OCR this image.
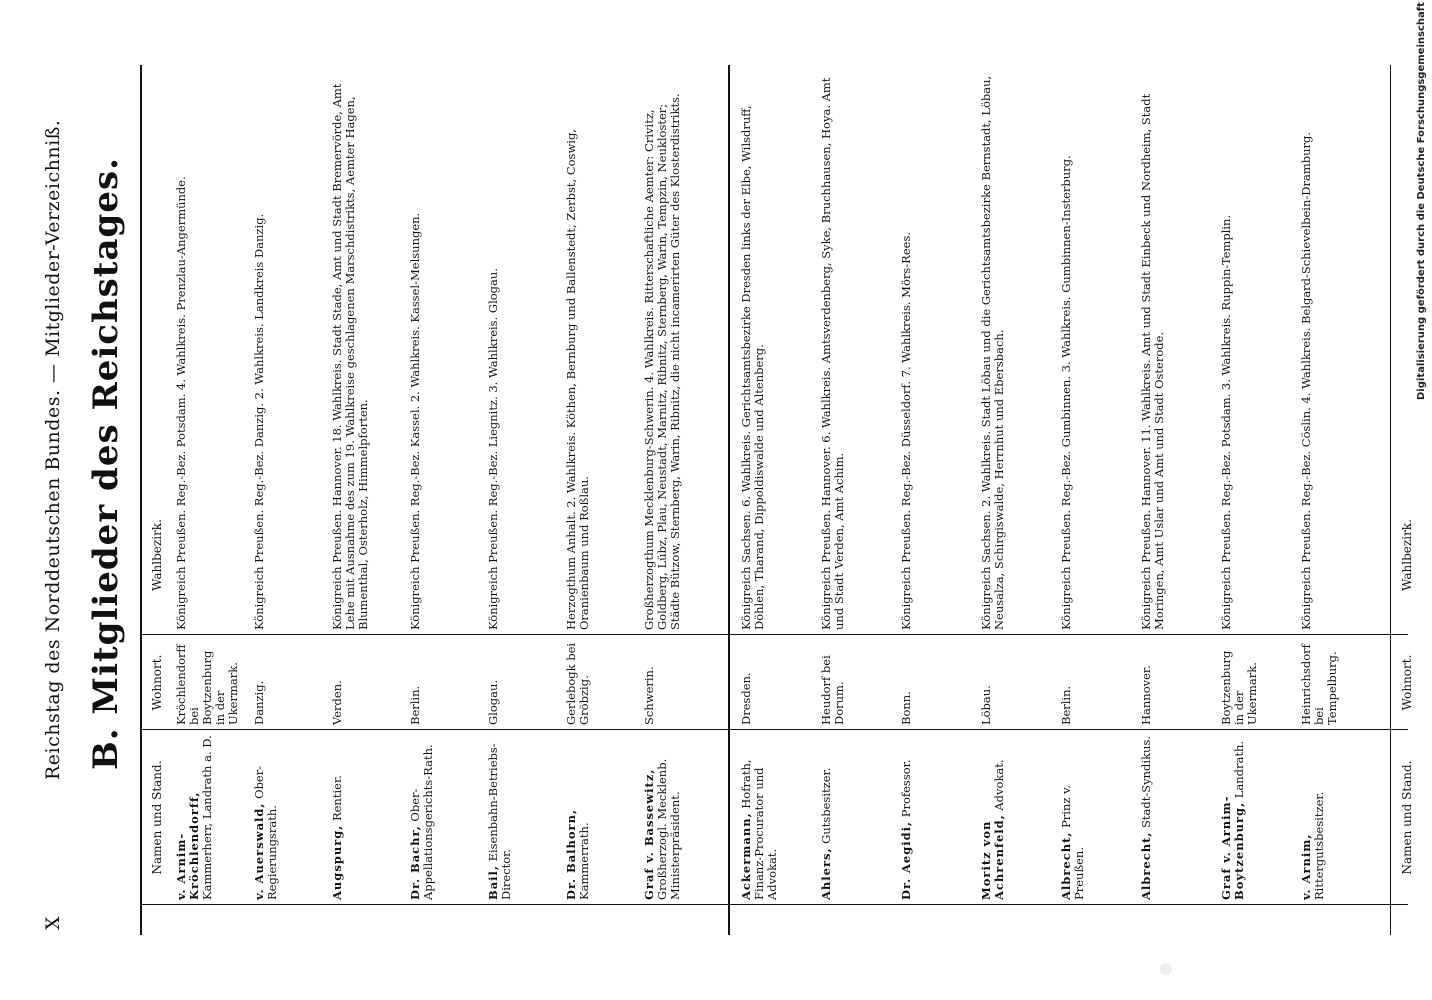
X
Reichstag des Norddeutschen Bundes. — Mitglieder-Verzeichniß. B. Mitglieder des Reichstages.	Digitalisierung gefördert durch die Deutsche Forschungsgemeinschaft
Namen und Stand.
Wohnort.
Wahlbezirk.
Ackermann, Hofrath, Finanz-Procurator und Advokat.
Dresden.
Königreich Sachsen. 6. Wahlkreis. Gerichtsamtsbezirke Dresden links der Elbe, Wilsdruff, Döhlen, Tharand, Dippoldiswalde und Altenberg.
Ahlers, Gutsbesitzer.
Heudorf bei Dorum.
Königreich Preußen. Hannover. 6. Wahlkreis. Amtsverdenberg, Syke, Bruchhausen, Hoya. Amt und Stadt Verden, Amt Achim.
Dr. Aegidi, Professor.
Bonn.
Königreich Preußen. Reg.-Bez. Düsseldorf. 7. Wahlkreis. Mörs-Rees.
Moritz von Achrenfeld, Advokat.
Löbau.
Königreich Sachsen. 2. Wahlkreis. Stadt Löbau und die Gerichtsamtsbezirke Bernstadt, Löbau, Neusalza, Schirgiswalde, Herrnhut und Ebersbach.
Albrecht, Prinz v. Preußen.
Berlin.
Königreich Preußen. Reg.-Bez. Gumbinnen. 3. Wahlkreis. Gumbinnen-Insterburg.
Albrecht, Stadt-Syndikus.
Hannover.
Königreich Preußen. Hannover. 11. Wahlkreis. Amt und Stadt Einbeck und Nordheim, Stadt Moringen, Amt Uslar und Amt und Stadt Osterode.
Graf v. Arnim-Boytzenburg, Landrath.
Boytzenburg in der Ukermark.
Königreich Preußen. Reg.-Bez. Potsdam. 3. Wahlkreis. Ruppin-Templin.
v. Arnim, Rittergutsbesitzer.
Heinrichsdorf bei Tempelburg.
Königreich Preußen. Reg.-Bez. Cöslin. 4. Wahlkreis. Belgard-Schievelbein-Dramburg.
Namen und Stand.
Wohnort.
Wahlbezirk.
v. Arnim-Kröchlendorff, Kammerherr, Landrath a. D.
Kröchlendorff bei Boytzenburg in der Ukermark.
Königreich Preußen. Reg.-Bez. Potsdam. 4. Wahlkreis. Prenzlau-Angermünde.
v. Auerswald, Ober-Regierungsrath.
Danzig.
Königreich Preußen. Reg.-Bez. Danzig. 2. Wahlkreis. Landkreis Danzig.
Augspurg, Rentier.
Verden.
Königreich Preußen. Hannover. 18. Wahlkreis. Stadt Stade, Amt und Stadt Bremervörde, Amt Lehe mit Ausnahme des zum 19. Wahlkreise geschlagenen Marschdistrikts, Aemter Hagen, Blumenthal, Osterholz, Himmelpforten.
Dr. Bachr, Ober-Appellationsgerichts-Rath.
Berlin.
Königreich Preußen. Reg.-Bez. Kassel. 2. Wahlkreis. Kassel-Melsungen.
Bail, Eisenbahn-Betriebs-Director.
Glogau.
Königreich Preußen. Reg.-Bez. Liegnitz. 3. Wahlkreis. Glogau.
Dr. Balhorn, Kammerrath.
Gerlebogk bei Gröbzig.
Herzogthum Anhalt. 2. Wahlkreis. Köthen, Bernburg und Ballenstedt, Zerbst, Coswig, Oranienbaum und Roßlau.
Graf v. Bassewitz, Großherzogl. Mecklenb. Ministerpräsident.
Schwerin.
Großherzogthum Mecklenburg-Schwerin. 4. Wahlkreis. Ritterschaftliche Aemter: Crivitz, Goldberg, Lübz, Plau, Neustadt, Marnitz, Ribnitz, Sternberg, Warin, Tempzin, Neukloster; Städte Bützow, Sternberg, Warin, Ribnitz, die nicht incamerirten Güter des Klosterdistrikts.
